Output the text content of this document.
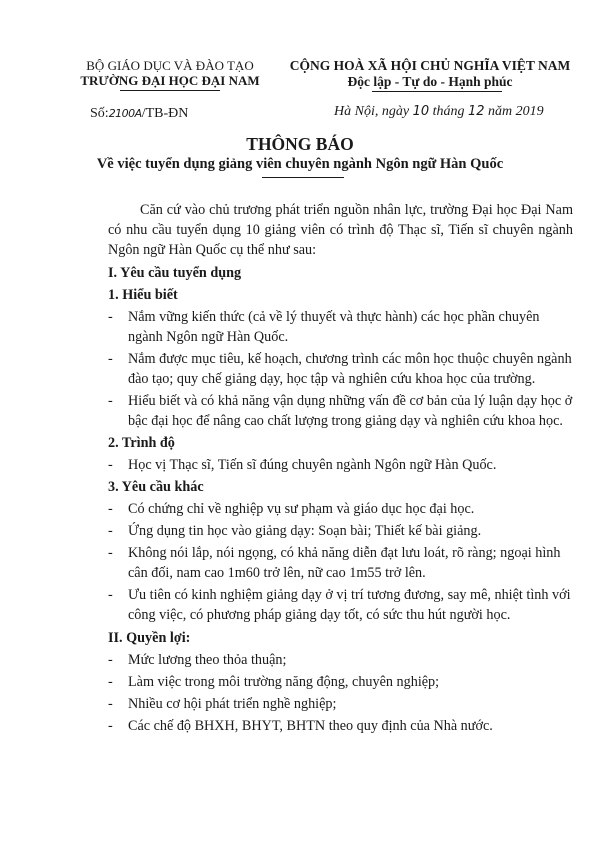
BỘ GIÁO DỤC VÀ ĐÀO TẠO
TRƯỜNG ĐẠI HỌC ĐẠI NAM
CỘNG HOÀ XÃ HỘI CHỦ NGHĨA VIỆT NAM
Độc lập - Tự do - Hạnh phúc
Số:2100A/TB-ĐN	Hà Nội, ngày 10 tháng 12 năm 2019
THÔNG BÁO
Về việc tuyển dụng giảng viên chuyên ngành Ngôn ngữ Hàn Quốc

Căn cứ vào chủ trương phát triển nguồn nhân lực, trường Đại học Đại Nam có nhu cầu tuyển dụng 10 giảng viên có trình độ Thạc sĩ, Tiến sĩ chuyên ngành Ngôn ngữ Hàn Quốc cụ thể như sau:

I. Yêu cầu tuyển dụng

1. Hiểu biết

- Nắm vững kiến thức (cả về lý thuyết và thực hành) các học phần chuyên ngành Ngôn ngữ Hàn Quốc.

- Nắm được mục tiêu, kế hoạch, chương trình các môn học thuộc chuyên ngành đào tạo; quy chế giảng dạy, học tập và nghiên cứu khoa học của trường.

- Hiểu biết và có khả năng vận dụng những vấn đề cơ bản của lý luận dạy học ở bậc đại học để nâng cao chất lượng trong giảng dạy và nghiên cứu khoa học.

2. Trình độ

- Học vị Thạc sĩ, Tiến sĩ đúng chuyên ngành Ngôn ngữ Hàn Quốc.

3. Yêu cầu khác

- Có chứng chỉ về nghiệp vụ sư phạm và giáo dục học đại học.

- Ứng dụng tin học vào giảng dạy: Soạn bài; Thiết kế bài giảng.

- Không nói lắp, nói ngọng, có khả năng diễn đạt lưu loát, rõ ràng; ngoại hình cân đối, nam cao 1m60 trở lên, nữ cao 1m55 trở lên.

- Ưu tiên có kinh nghiệm giảng dạy ở vị trí tương đương, say mê, nhiệt tình với công việc, có phương pháp giảng dạy tốt, có sức thu hút người học.

II. Quyền lợi:

- Mức lương theo thỏa thuận;

- Làm việc trong môi trường năng động, chuyên nghiệp;

- Nhiều cơ hội phát triển nghề nghiệp;

- Các chế độ BHXH, BHYT, BHTN theo quy định của Nhà nước.
